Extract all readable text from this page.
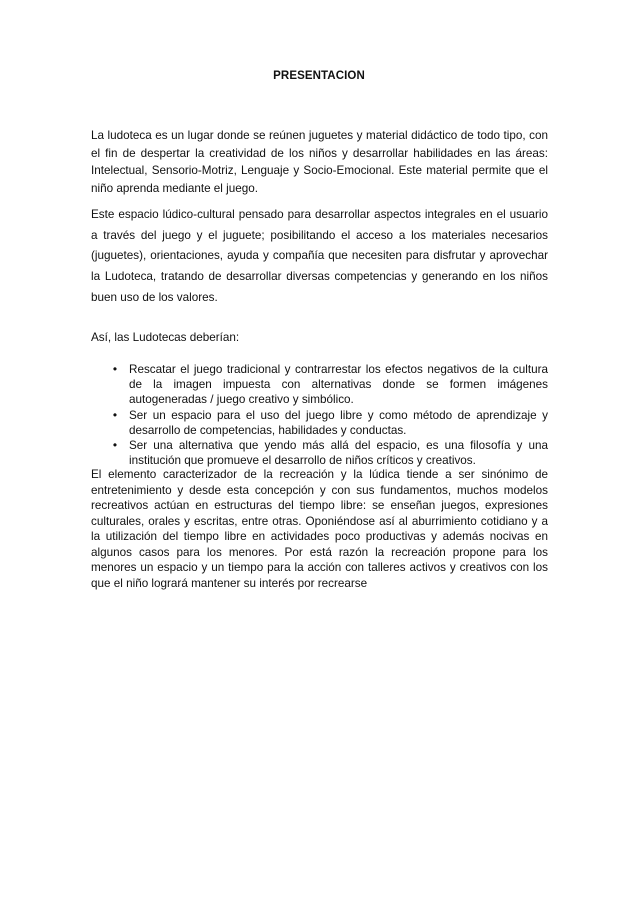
PRESENTACION

La ludoteca es un lugar donde se reúnen juguetes y material didáctico de todo tipo, con el fin de despertar la creatividad de los niños y desarrollar habilidades en las áreas: Intelectual, Sensorio-Motriz, Lenguaje y Socio-Emocional. Este material permite que el niño aprenda mediante el juego.

Este espacio lúdico-cultural pensado para desarrollar aspectos integrales en el usuario a través del juego y el juguete; posibilitando el acceso a los materiales necesarios (juguetes), orientaciones, ayuda y compañía que necesiten para disfrutar y aprovechar la Ludoteca, tratando de desarrollar diversas competencias y generando en los niños buen uso de los valores.

Así, las Ludotecas deberían:

• Rescatar el juego tradicional y contrarrestar los efectos negativos de la cultura de la imagen impuesta con alternativas donde se formen imágenes autogeneradas / juego creativo y simbólico.
• Ser un espacio para el uso del juego libre y como método de aprendizaje y desarrollo de competencias, habilidades y conductas.
• Ser una alternativa que yendo más allá del espacio, es una filosofía y una institución que promueve el desarrollo de niños críticos y creativos.

El elemento caracterizador de la recreación y la lúdica tiende a ser sinónimo de entretenimiento y desde esta concepción y con sus fundamentos, muchos modelos recreativos actúan en estructuras del tiempo libre: se enseñan juegos, expresiones culturales, orales y escritas, entre otras. Oponiéndose así al aburrimiento cotidiano y a la utilización del tiempo libre en actividades poco productivas y además nocivas en algunos casos para los menores. Por está razón la recreación propone para los menores un espacio y un tiempo para la acción con talleres activos y creativos con los que el niño logrará mantener su interés por recrearse
